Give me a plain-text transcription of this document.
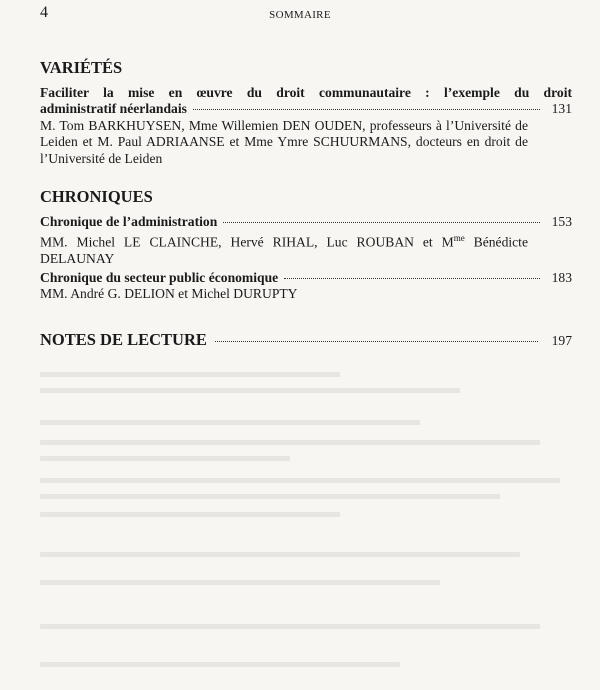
4	SOMMAIRE
VARIÉTÉS
Faciliter la mise en œuvre du droit communautaire : l’exemple du droit
administratif néerlandais	131
M. Tom BARKHUYSEN, Mme Willemien DEN OUDEN, professeurs à l’Université de
Leiden et M. Paul ADRIAANSE et Mme Ymre SCHUURMANS, docteurs en droit de
l’Université de Leiden
CHRONIQUES
Chronique de l’administration	153
MM. Michel LE CLAINCHE, Hervé RIHAL, Luc ROUBAN et $M^{me}$ Bénédicte
DELAUNAY
Chronique du secteur public économique	183
MM. André G. DELION et Michel DURUPTY
NOTES DE LECTURE	197
